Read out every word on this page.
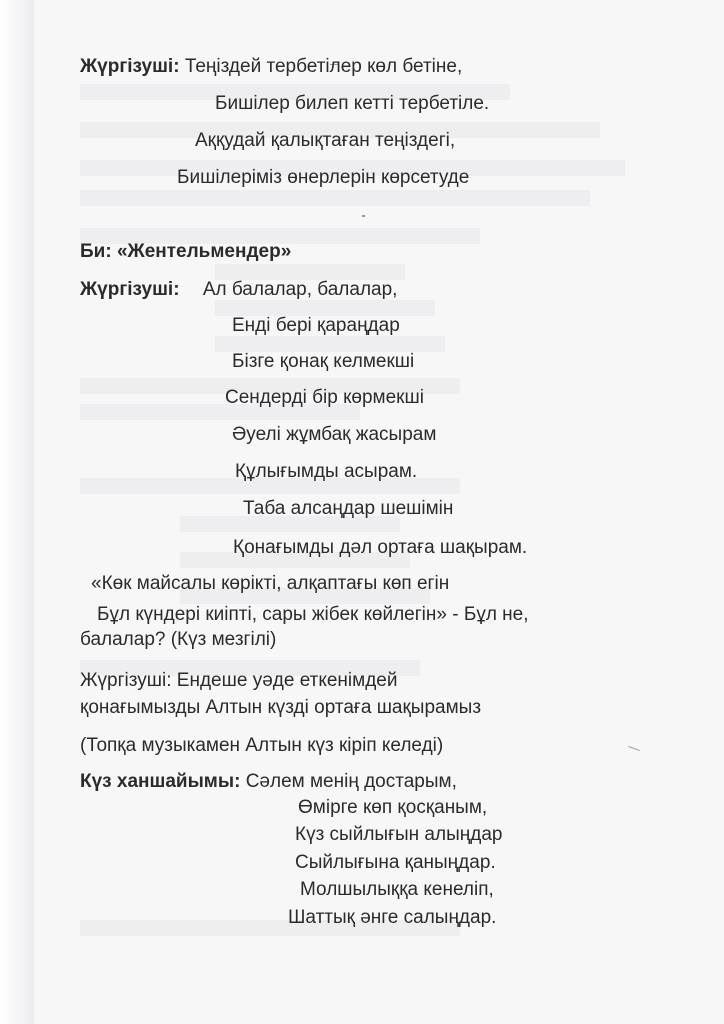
Жүргізуші: Теңіздей тербетілер көл бетіне,
Бишілер билеп кетті тербетіле.
Аққудай қалықтаған теңіздегі,
Бишілеріміз өнерлерін көрсетуде
Би: «Жентельмендер»
Жүргізуші: Ал балалар, балалар,
Енді бері қараңдар
Бізге қонақ келмекші
Сендерді бір көрмекші
Әуелі жұмбақ жасырам
Құлығымды асырам.
Таба алсаңдар шешімін
Қонағымды дәл ортаға шақырам.
«Көк майсалы көрікті, алқаптағы көп егін
Бұл күндері киіпті, сары жібек көйлегін» - Бұл не,
балалар? (Күз мезгілі)
Жүргізуші: Ендеше уәде еткенімдей
қонағымызды Алтын күзді ортаға шақырамыз
(Топқа музыкамен Алтын күз кіріп келеді)
Күз ханшайымы: Сәлем менің достарым,
Өмірге көп қосқаным,
Күз сыйлығын алыңдар
Сыйлығына қаныңдар.
Молшылыққа кенеліп,
Шаттық әнге салыңдар.
